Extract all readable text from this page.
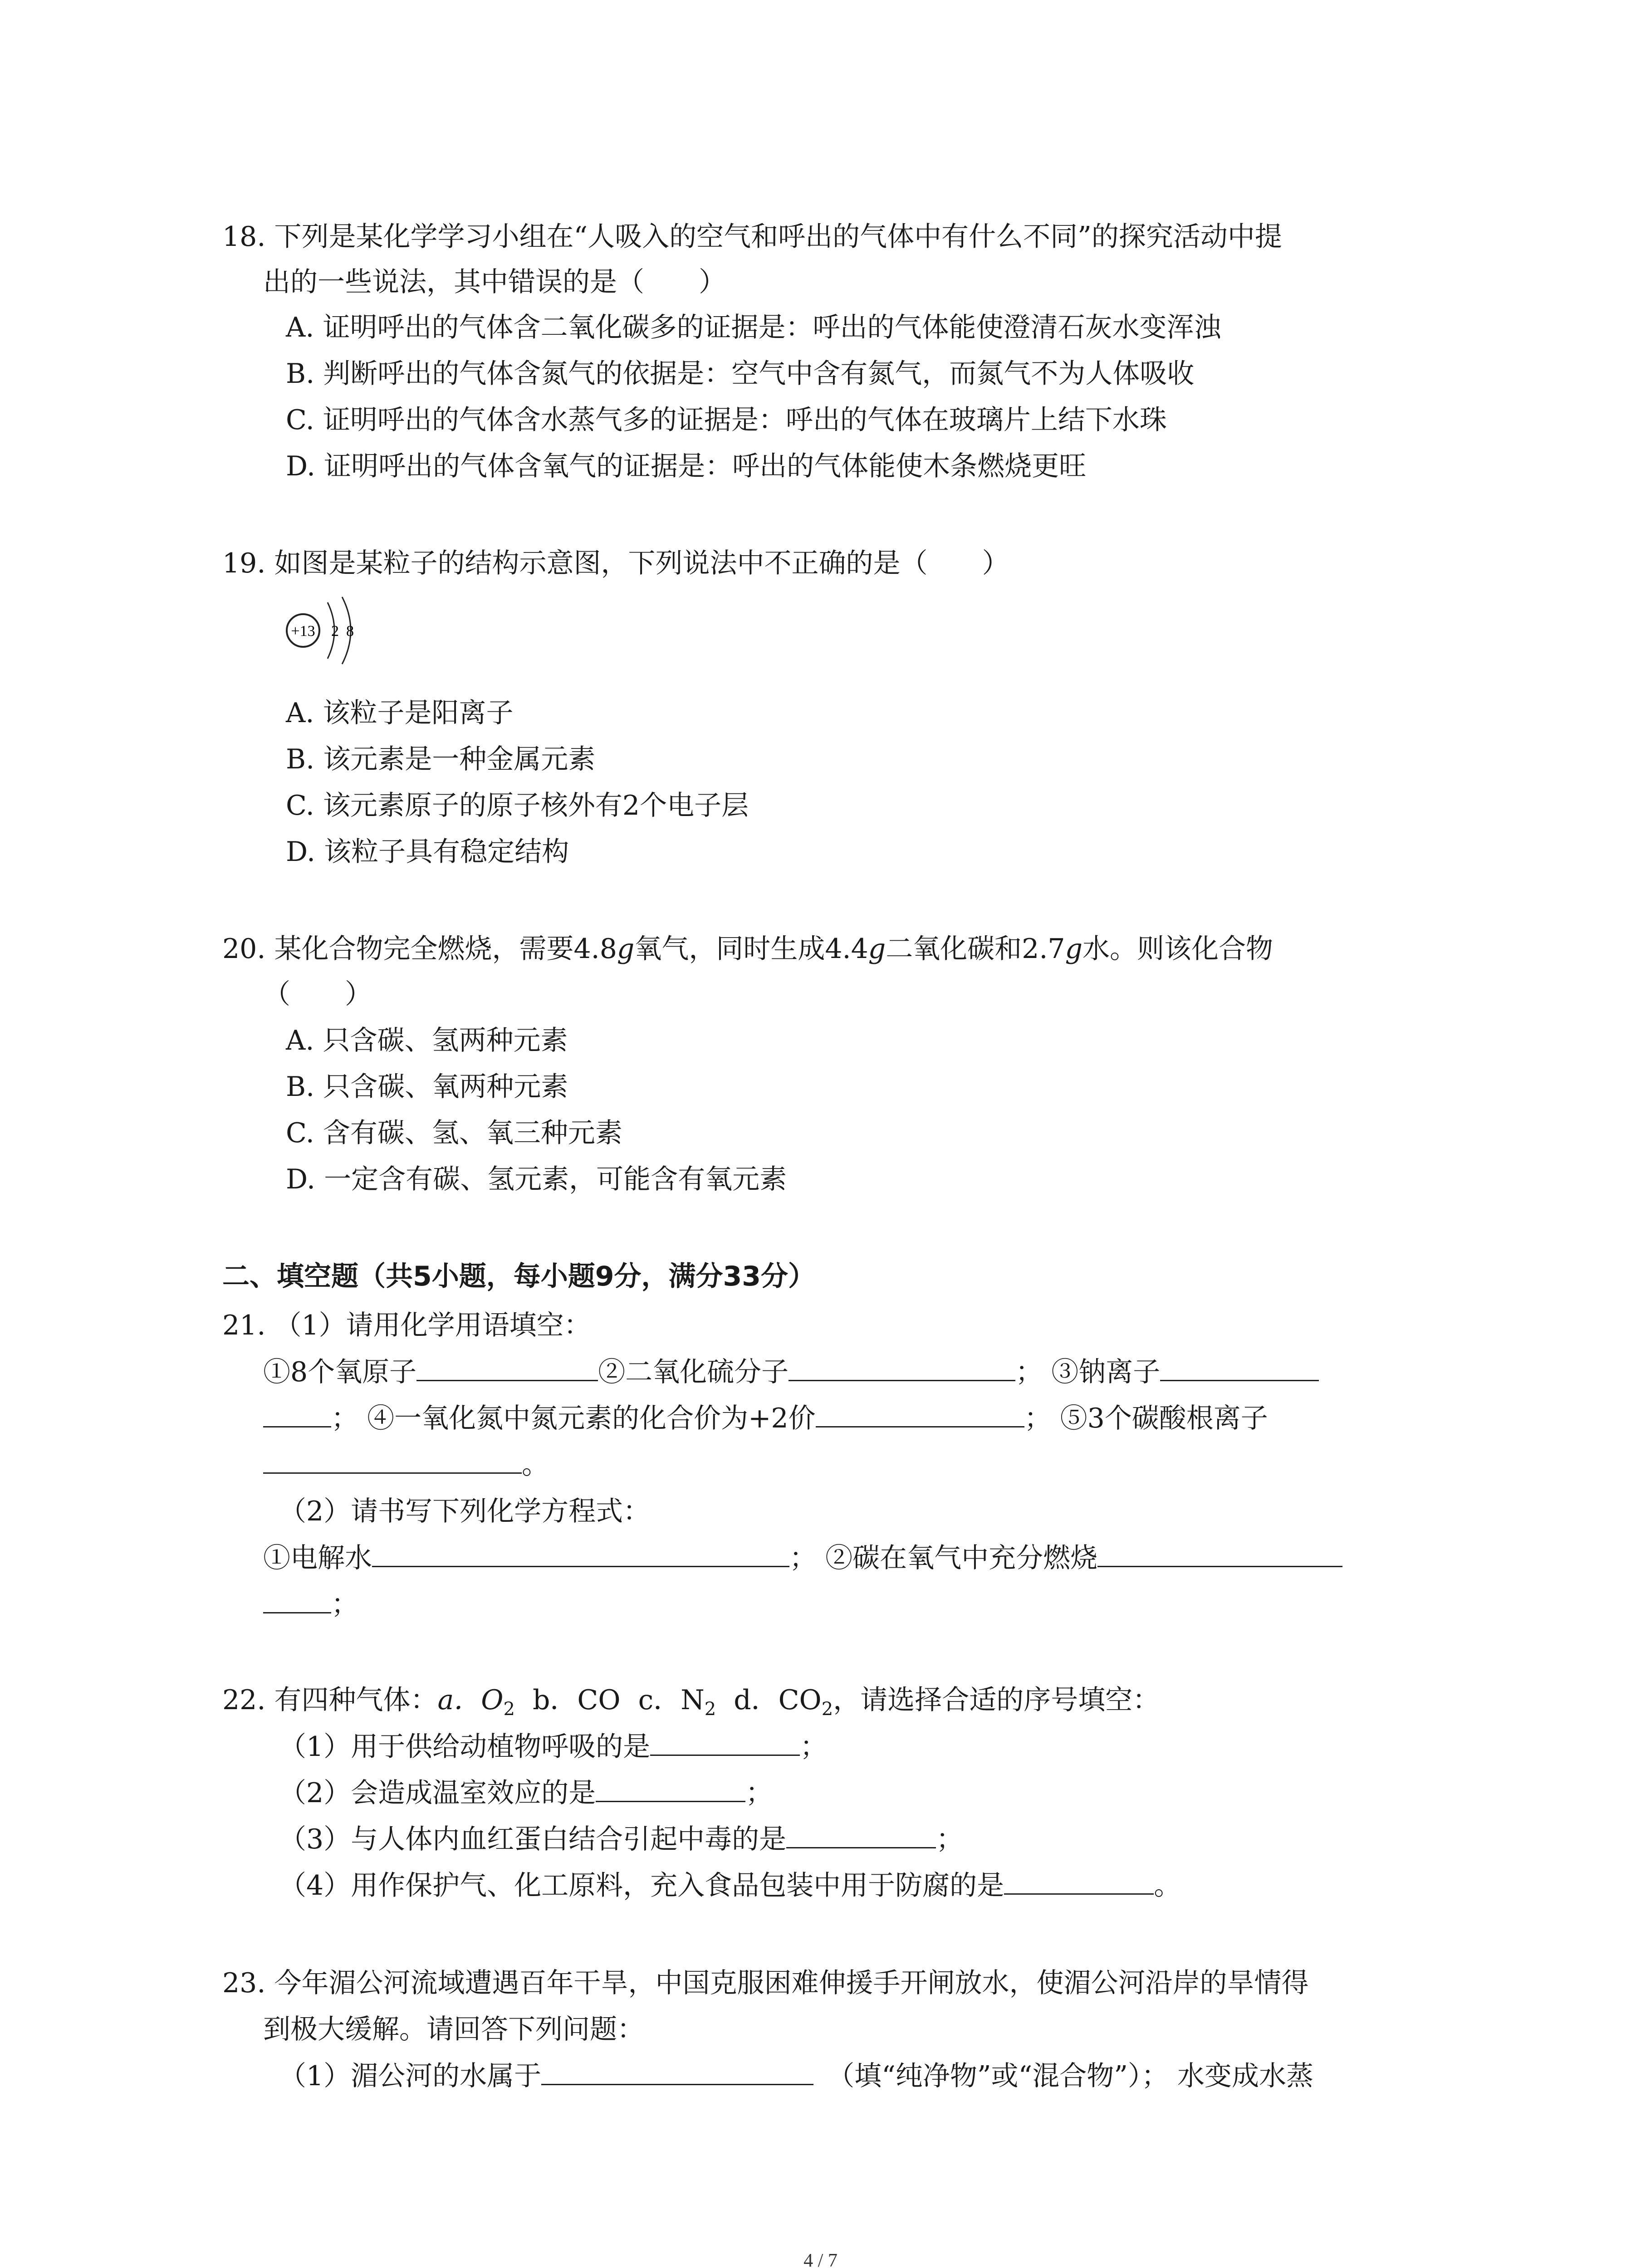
18. 下列是某化学学习小组在“人吸入的空气和呼出的气体中有什么不同”的探究活动中提
出的一些说法，其中错误的是（　　）
A. 证明呼出的气体含二氧化碳多的证据是：呼出的气体能使澄清石灰水变浑浊
B. 判断呼出的气体含氮气的依据是：空气中含有氮气，而氮气不为人体吸收
C. 证明呼出的气体含水蒸气多的证据是：呼出的气体在玻璃片上结下水珠
D. 证明呼出的气体含氧气的证据是：呼出的气体能使木条燃烧更旺
19. 如图是某粒子的结构示意图，下列说法中不正确的是（　　）
+13 2 8
A. 该粒子是阳离子
B. 该元素是一种金属元素
C. 该元素原子的原子核外有2个电子层
D. 该粒子具有稳定结构
20. 某化合物完全燃烧，需要4.8g氧气，同时生成4.4g二氧化碳和2.7g水。则该化合物
（　　）
A. 只含碳、氢两种元素
B. 只含碳、氧两种元素
C. 含有碳、氢、氧三种元素
D. 一定含有碳、氢元素，可能含有氧元素
二、填空题（共5小题，每小题9分，满分33分）
21. （1）请用化学用语填空：
①8个氧原子	②二氧化硫分子	； ③钠离子
； ④一氧化氮中氮元素的化合价为+2价	； ⑤3个碳酸根离子
。
（2）请书写下列化学方程式：
①电解水	； ②碳在氧气中充分燃烧
；
22. 有四种气体：a．$O_2$ b．CO c．$N_2$ d．$CO_2$，请选择合适的序号填空：
（1）用于供给动植物呼吸的是	；
（2）会造成温室效应的是	；
（3）与人体内血红蛋白结合引起中毒的是	；
（4）用作保护气、化工原料，充入食品包装中用于防腐的是	。
23. 今年湄公河流域遭遇百年干旱，中国克服困难伸援手开闸放水，使湄公河沿岸的旱情得
到极大缓解。请回答下列问题：
（1）湄公河的水属于	（填“纯净物”或“混合物”）； 水变成水蒸
4 / 7
